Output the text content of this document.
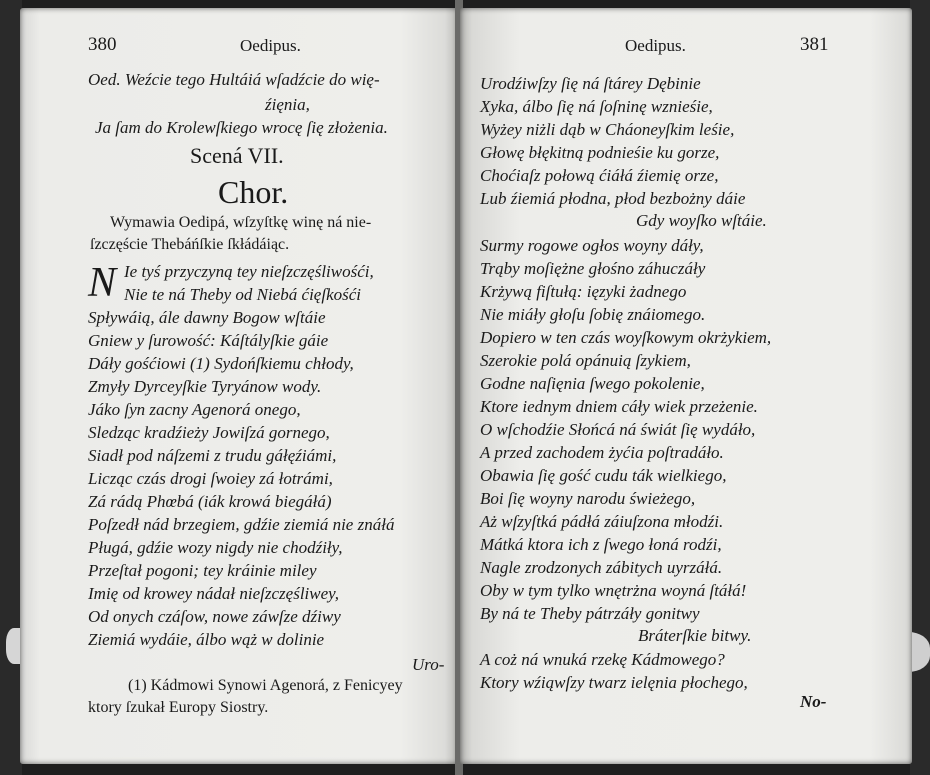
380	Oedipus.
Oed. Weźcie tego Hultáiá wſadźcie do wię-
źięnia,
Ja ſam do Krolewſkiego wrocę ſię złożenia.
Scená VII.
Chor.
Wymawia Oedipá, wſzyſtkę winę ná nie-
ſzczęście Thebáńſkie ſkłádáiąc.
N Ie tyś przyczyną tey nieſzczęśliwośći,
Nie te ná Theby od Niebá ćięſkośći
Spływáią, ále dawny Bogow wſtáie
Gniew y ſurowość: Káſtályſkie gáie
Dáły gośćiowi (1) Sydońſkiemu chłody,
Zmyły Dyrceyſkie Tyryánow wody.
Jáko ſyn zacny Agenorá onego,
Sledząc kradźieży Jowiſzá gornego,
Siadł pod náſzemi z trudu gáłęźiámi,
Licząc czás drogi ſwoiey zá łotrámi,
Zá rádą Phœbá (iák krowá biegáłá)
Poſzedł nád brzegiem, gdźie ziemiá nie znáłá
Pługá, gdźie wozy nigdy nie chodźiły,
Przeſtał pogoni; tey kráinie miley
Imię od krowey nádał nieſzczęśliwey,
Od onych czáſow, nowe záwſze dźiwy
Ziemiá wydáie, álbo wąż w dolinie
Uro-
(1) Kádmowi Synowi Agenorá, z Fenicyey
ktory ſzukał Europy Siostry.
Oedipus.	381
Urodźiwſzy ſię ná ſtárey Dębinie
Xyka, álbo ſię ná ſoſninę wznieśie,
Wyżey niżli dąb w Cháoneyſkim leśie,
Głowę błękitną podnieśie ku gorze,
Choćiaſz połową ćiáłá źiemię orze,
Lub źiemiá płodna, płod bezbożny dáie
Gdy woyſko wſtáie.
Surmy rogowe ogłos woyny dáły,
Trąby moſiężne głośno záhuczáły
Krżywą fiſtułą: ięzyki żadnego
Nie miáły głoſu ſobię znáiomego.
Dopiero w ten czás woyſkowym okrżykiem,
Szerokie polá opánuią ſzykiem,
Godne naſięnia ſwego pokolenie,
Ktore iednym dniem cáły wiek przeżenie.
O wſchodźie Słońcá ná świát ſię wydáło,
A przed zachodem żyćia poſtradáło.
Obawia ſię gość cudu ták wielkiego,
Boi ſię woyny narodu świeżego,
Aż wſzyſtká pádłá záiuſzona młodźi.
Mátká ktora ich z ſwego łoná rodźi,
Nagle zrodzonych zábitych uyrzáłá.
Oby w tym tylko wnętrżna woyná ſtáłá!
By ná te Theby pátrzáły gonitwy
Bráterſkie bitwy.
A coż ná wnuká rzekę Kádmowego?
Ktory wźiąwſzy twarz ielęnia płochego,
No-
